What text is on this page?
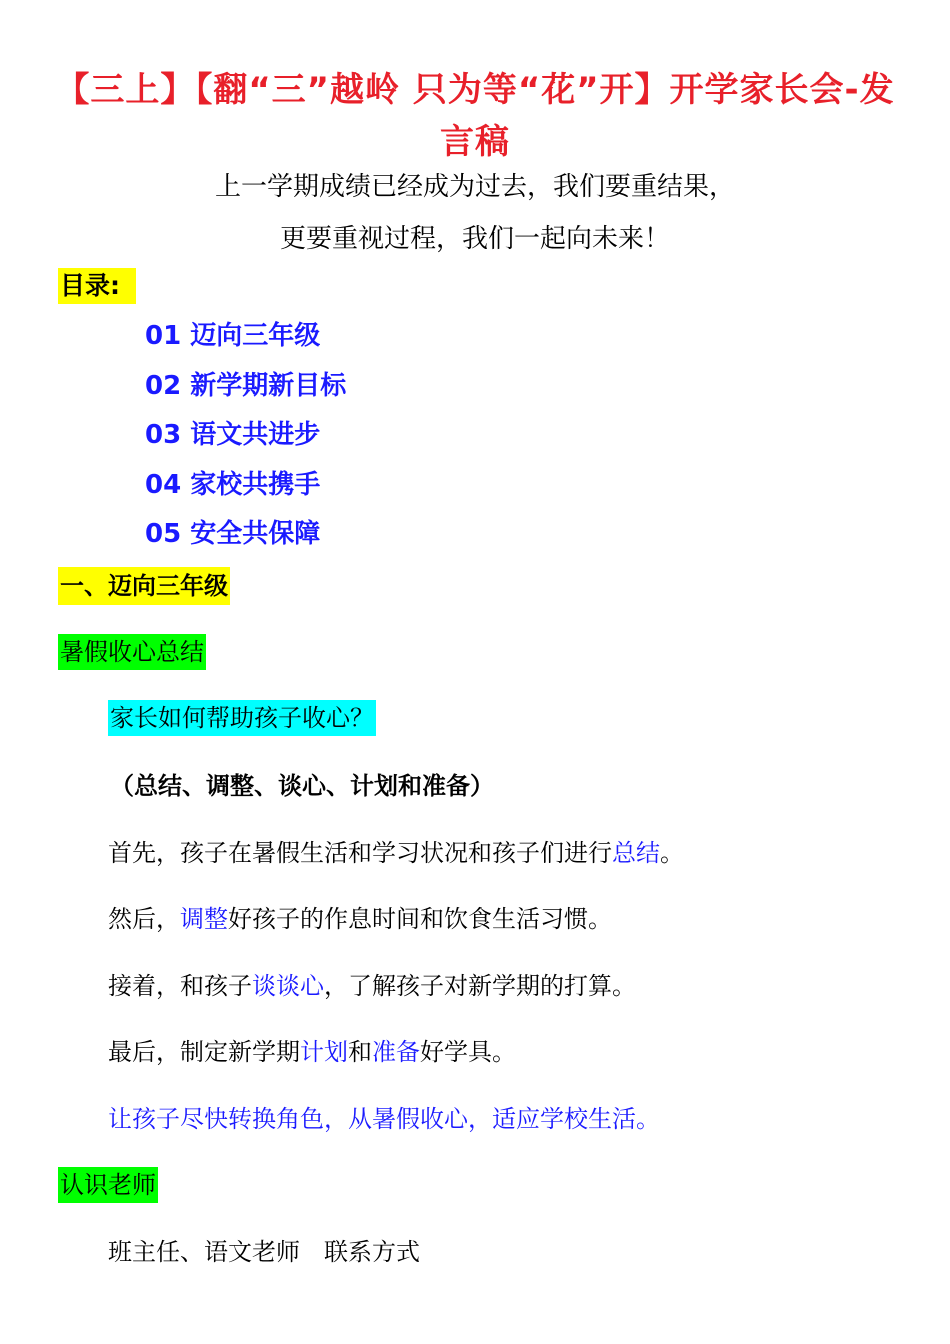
【三上】【翻“三”越岭 只为等“花”开】开学家长会-发言稿
上一学期成绩已经成为过去，我们要重结果，
更要重视过程，我们一起向未来！
目录:
01 迈向三年级
02 新学期新目标
03 语文共进步
04 家校共携手
05 安全共保障
一、迈向三年级
暑假收心总结
家长如何帮助孩子收心？
（总结、调整、谈心、计划和准备）
首先，孩子在暑假生活和学习状况和孩子们进行总结。
然后，调整好孩子的作息时间和饮食生活习惯。
接着，和孩子谈谈心，了解孩子对新学期的打算。
最后，制定新学期计划和准备好学具。
让孩子尽快转换角色，从暑假收心，适应学校生活。
认识老师
班主任、语文老师　联系方式
